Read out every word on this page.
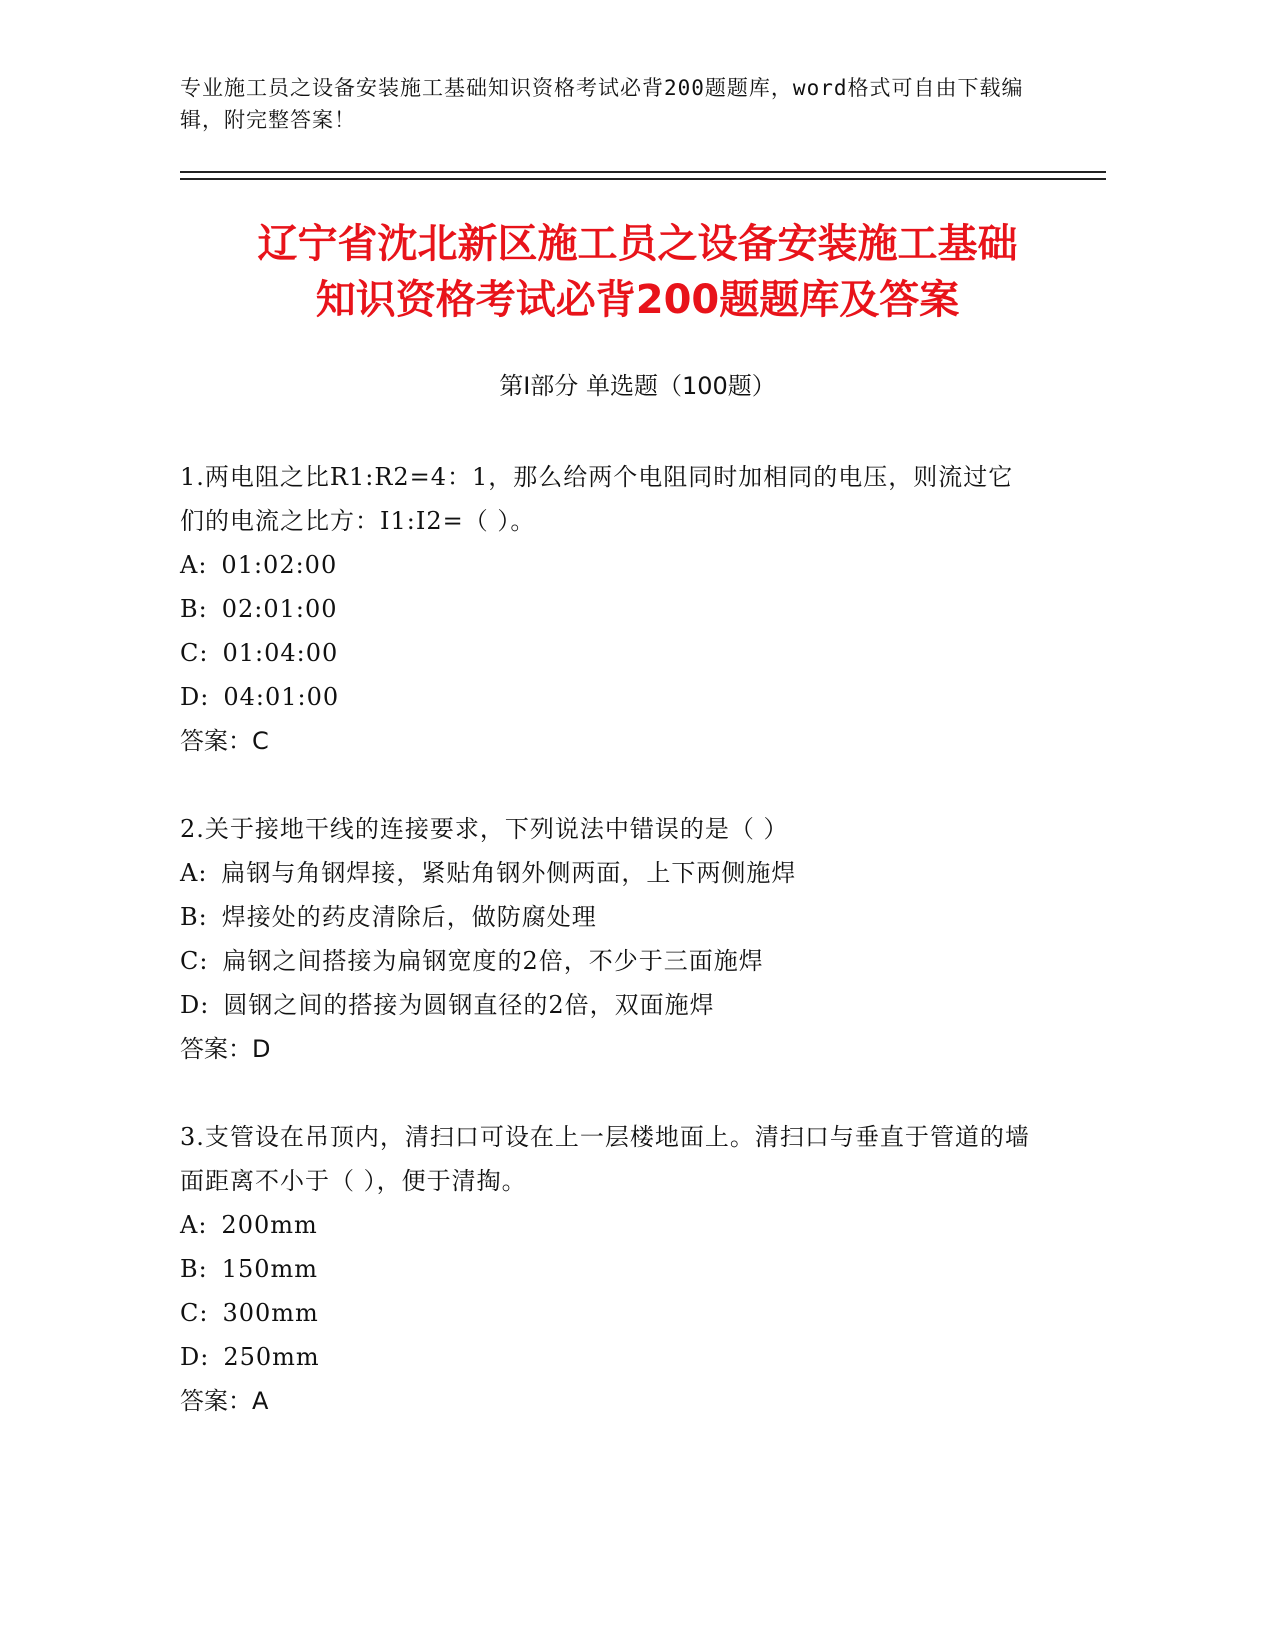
专业施工员之设备安装施工基础知识资格考试必背200题题库，word格式可自由下载编辑，附完整答案！
辽宁省沈北新区施工员之设备安装施工基础
知识资格考试必背200题题库及答案
第I部分 单选题（100题）

1.两电阻之比R1:R2=4：1，那么给两个电阻同时加相同的电压，则流过它们的电流之比方：I1:I2=（ ）。

A: 01:02:00

B: 02:01:00

C: 01:04:00

D: 04:01:00

答案：C

2.关于接地干线的连接要求，下列说法中错误的是（ ）

A: 扁钢与角钢焊接，紧贴角钢外侧两面，上下两侧施焊

B: 焊接处的药皮清除后，做防腐处理

C: 扁钢之间搭接为扁钢宽度的2倍，不少于三面施焊

D: 圆钢之间的搭接为圆钢直径的2倍，双面施焊

答案：D

3.支管设在吊顶内，清扫口可设在上一层楼地面上。清扫口与垂直于管道的墙面距离不小于（ ），便于清掏。

A: 200mm

B: 150mm

C: 300mm

D: 250mm

答案：A
